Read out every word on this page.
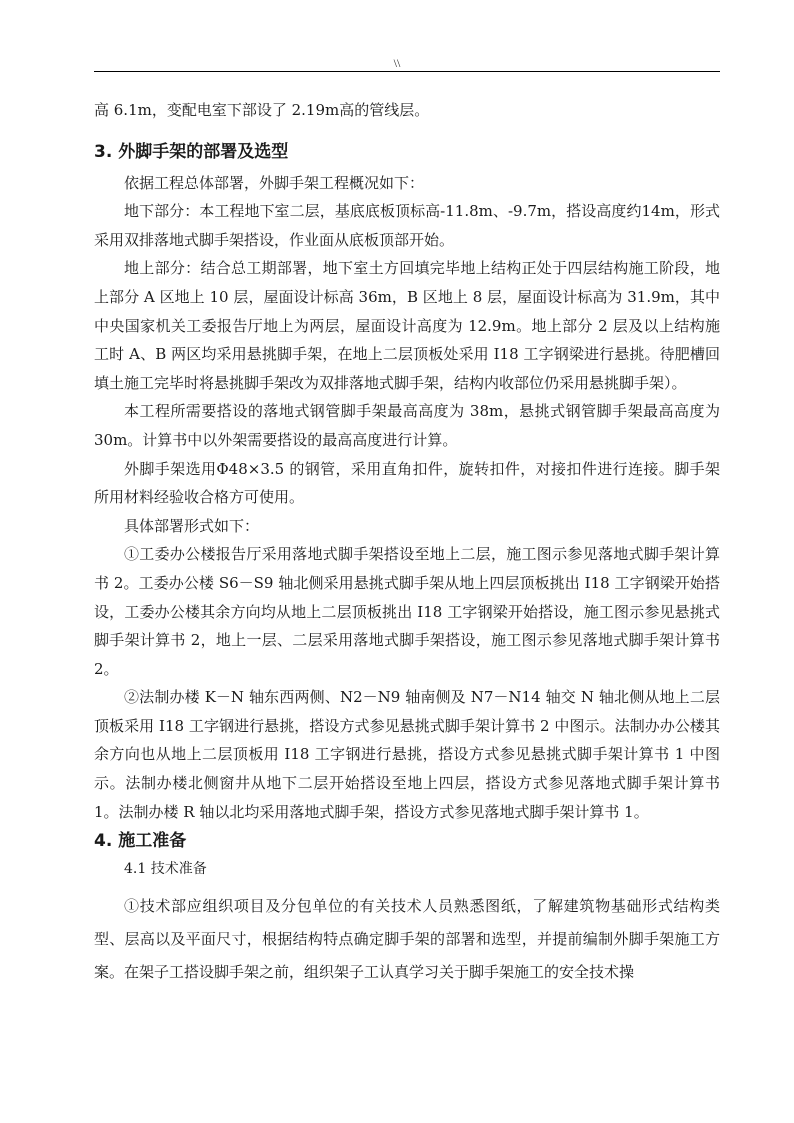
\\

高 6.1m，变配电室下部设了 2.19m高的管线层。

3. 外脚手架的部署及选型

依据工程总体部署，外脚手架工程概况如下：

地下部分：本工程地下室二层，基底底板顶标高-11.8m、-9.7m，搭设高度约14m，形式采用双排落地式脚手架搭设，作业面从底板顶部开始。

地上部分：结合总工期部署，地下室土方回填完毕地上结构正处于四层结构施工阶段，地上部分 A 区地上 10 层，屋面设计标高 36m，B 区地上 8 层，屋面设计标高为 31.9m，其中中央国家机关工委报告厅地上为两层，屋面设计高度为 12.9m。地上部分 2 层及以上结构施工时 A、B 两区均采用悬挑脚手架，在地上二层顶板处采用 I18 工字钢梁进行悬挑。待肥槽回填土施工完毕时将悬挑脚手架改为双排落地式脚手架，结构内收部位仍采用悬挑脚手架）。

本工程所需要搭设的落地式钢管脚手架最高高度为 38m，悬挑式钢管脚手架最高高度为 30m。计算书中以外架需要搭设的最高高度进行计算。

外脚手架选用Φ48×3.5 的钢管，采用直角扣件，旋转扣件，对接扣件进行连接。脚手架所用材料经验收合格方可使用。

具体部署形式如下：

①工委办公楼报告厅采用落地式脚手架搭设至地上二层，施工图示参见落地式脚手架计算书 2。工委办公楼 S6－S9 轴北侧采用悬挑式脚手架从地上四层顶板挑出 I18 工字钢梁开始搭设，工委办公楼其余方向均从地上二层顶板挑出 I18 工字钢梁开始搭设，施工图示参见悬挑式脚手架计算书 2，地上一层、二层采用落地式脚手架搭设，施工图示参见落地式脚手架计算书 2。

②法制办楼 K－N 轴东西两侧、N2－N9 轴南侧及 N7－N14 轴交 N 轴北侧从地上二层顶板采用 I18 工字钢进行悬挑，搭设方式参见悬挑式脚手架计算书 2 中图示。法制办办公楼其余方向也从地上二层顶板用 I18 工字钢进行悬挑，搭设方式参见悬挑式脚手架计算书 1 中图示。法制办楼北侧窗井从地下二层开始搭设至地上四层，搭设方式参见落地式脚手架计算书 1。法制办楼 R 轴以北均采用落地式脚手架，搭设方式参见落地式脚手架计算书 1。

4. 施工准备

4.1 技术准备

①技术部应组织项目及分包单位的有关技术人员熟悉图纸，了解建筑物基础形式结构类型、层高以及平面尺寸，根据结构特点确定脚手架的部署和选型，并提前编制外脚手架施工方案。在架子工搭设脚手架之前，组织架子工认真学习关于脚手架施工的安全技术操
